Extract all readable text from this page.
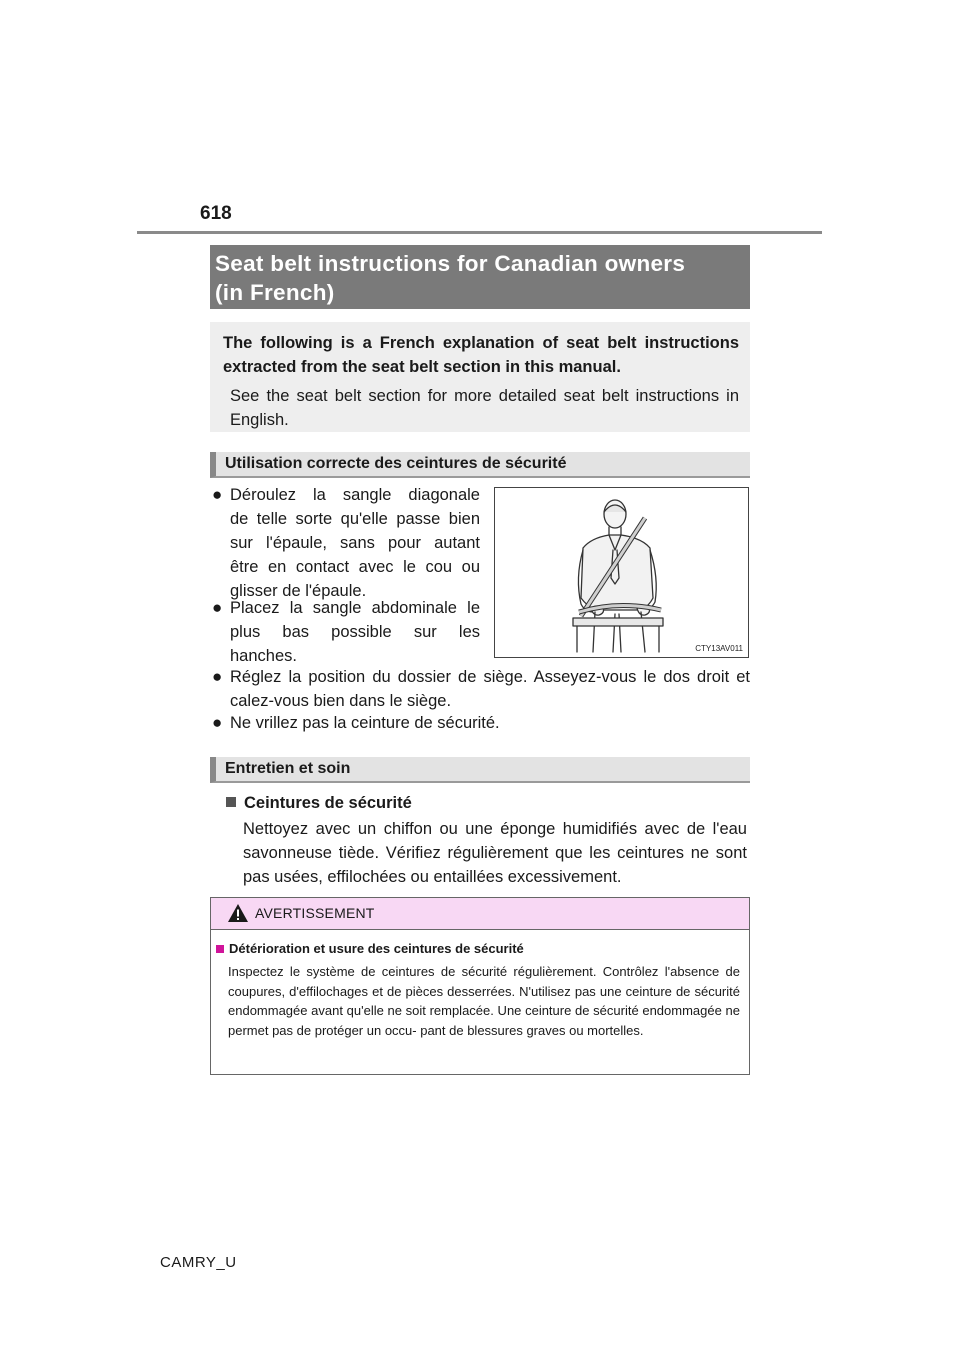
618
Seat belt instructions for Canadian owners
(in French)
The following is a French explanation of seat belt instructions
extracted from the seat belt section in this manual.
See the seat belt section for more detailed seat belt instructions in English.
Utilisation correcte des ceintures de sécurité
● Déroulez la sangle diagonale
de telle sorte qu'elle passe bien
sur l'épaule, sans pour autant
être en contact avec le cou ou
glisser de l'épaule.
● Placez la sangle abdominale le
plus bas possible sur les
hanches.
● Réglez la position du dossier de siège. Asseyez-vous le dos droit et calez-vous bien dans le siège.
● Ne vrillez pas la ceinture de sécurité.
CTY13AV011
Entretien et soin
Ceintures de sécurité
Nettoyez avec un chiffon ou une éponge humidifiés avec de l'eau savonneuse tiède. Vérifiez régulièrement que les ceintures ne sont pas usées, effilochées ou entaillées excessivement.
AVERTISSEMENT
Détérioration et usure des ceintures de sécurité
Inspectez le système de ceintures de sécurité régulièrement. Contrôlez l'absence de coupures, d'effilochages et de pièces desserrées. N'utilisez pas une ceinture de sécurité endommagée avant qu'elle ne soit remplacée. Une ceinture de sécurité endommagée ne permet pas de protéger un occu- pant de blessures graves ou mortelles.
CAMRY_U
